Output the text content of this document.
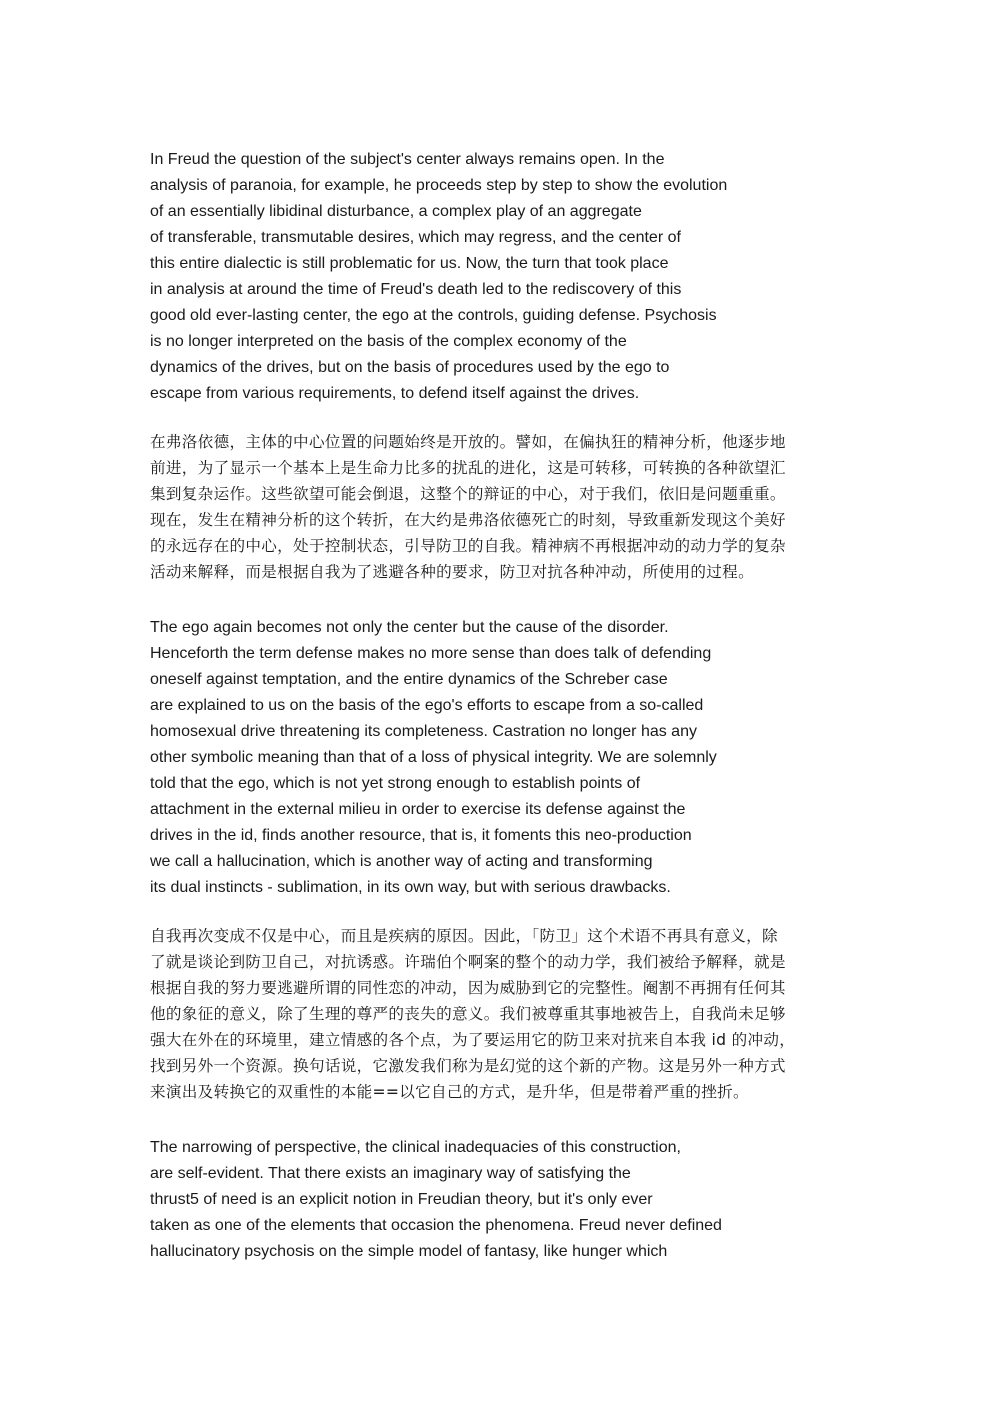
In Freud the question of the subject's center always remains open. In the
analysis of paranoia, for example, he proceeds step by step to show the evolution
of an essentially libidinal disturbance, a complex play of an aggregate
of transferable, transmutable desires, which may regress, and the center of
this entire dialectic is still problematic for us. Now, the turn that took place
in analysis at around the time of Freud's death led to the rediscovery of this
good old ever-lasting center, the ego at the controls, guiding defense. Psychosis
is no longer interpreted on the basis of the complex economy of the
dynamics of the drives, but on the basis of procedures used by the ego to
escape from various requirements, to defend itself against the drives.
在弗洛依德，主体的中心位置的问题始终是开放的。譬如，在偏执狂的精神分析，他逐步地
前进，为了显示一个基本上是生命力比多的扰乱的进化，这是可转移，可转换的各种欲望汇
集到复杂运作。这些欲望可能会倒退，这整个的辩证的中心，对于我们，依旧是问题重重。
现在，发生在精神分析的这个转折，在大约是弗洛依德死亡的时刻，导致重新发现这个美好
的永远存在的中心，处于控制状态，引导防卫的自我。精神病不再根据冲动的动力学的复杂
活动来解释，而是根据自我为了逃避各种的要求，防卫对抗各种冲动，所使用的过程。
The ego again becomes not only the center but the cause of the disorder.
Henceforth the term defense makes no more sense than does talk of defending
oneself against temptation, and the entire dynamics of the Schreber case
are explained to us on the basis of the ego's efforts to escape from a so-called
homosexual drive threatening its completeness. Castration no longer has any
other symbolic meaning than that of a loss of physical integrity. We are solemnly
told that the ego, which is not yet strong enough to establish points of
attachment in the external milieu in order to exercise its defense against the
drives in the id, finds another resource, that is, it foments this neo-production
we call a hallucination, which is another way of acting and transforming
its dual instincts - sublimation, in its own way, but with serious drawbacks.
自我再次变成不仅是中心，而且是疾病的原因。因此，「防卫」这个术语不再具有意义，除
了就是谈论到防卫自己，对抗诱惑。许瑞伯个啊案的整个的动力学，我们被给予解释，就是
根据自我的努力要逃避所谓的同性恋的冲动，因为威胁到它的完整性。阉割不再拥有任何其
他的象征的意义，除了生理的尊严的丧失的意义。我们被尊重其事地被告上，自我尚未足够
强大在外在的环境里，建立情感的各个点，为了要运用它的防卫来对抗来自本我 id 的冲动，
找到另外一个资源。换句话说，它激发我们称为是幻觉的这个新的产物。这是另外一种方式
来演出及转换它的双重性的本能==以它自己的方式，是升华，但是带着严重的挫折。
The narrowing of perspective, the clinical inadequacies of this construction,
are self-evident. That there exists an imaginary way of satisfying the
thrust5 of need is an explicit notion in Freudian theory, but it's only ever
taken as one of the elements that occasion the phenomena. Freud never defined
hallucinatory psychosis on the simple model of fantasy, like hunger which
